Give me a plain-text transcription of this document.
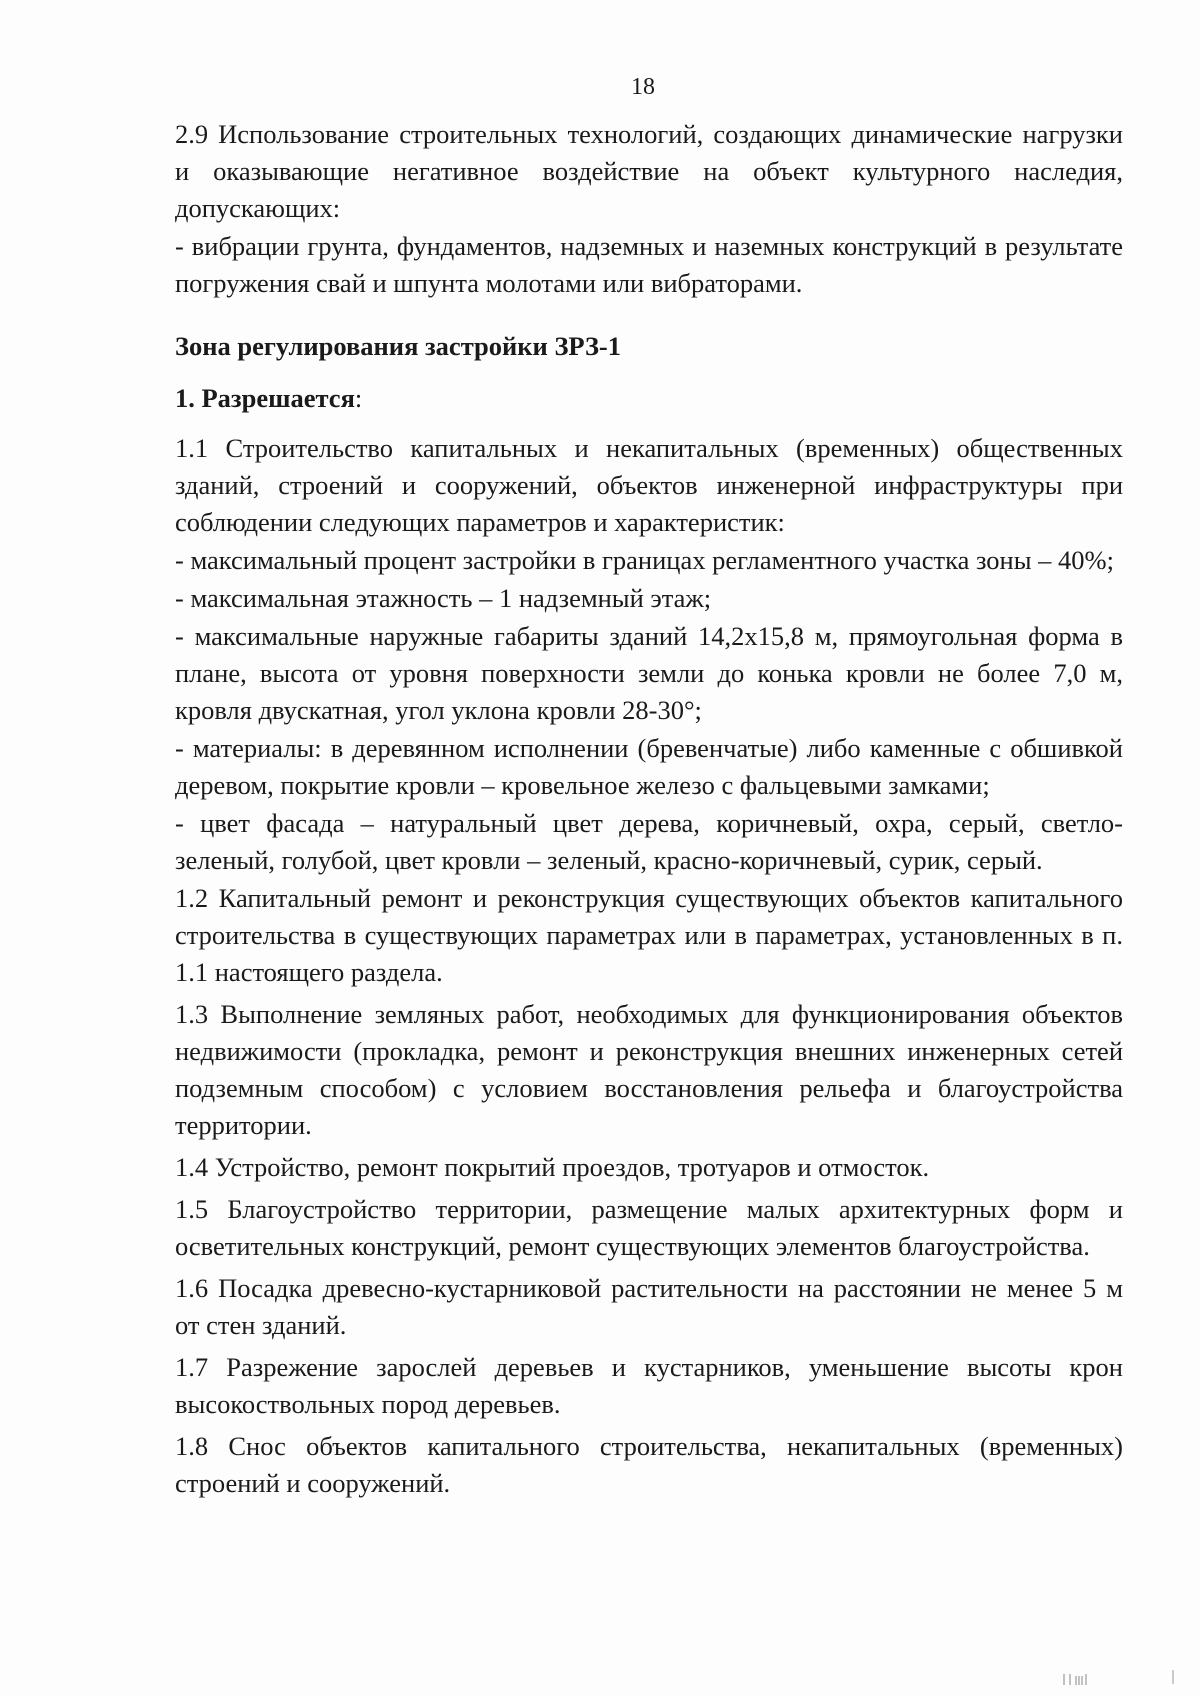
18

2.9 Использование строительных технологий, создающих динамические нагрузки и оказывающие негативное воздействие на объект культурного наследия, допускающих:

- вибрации грунта, фундаментов, надземных и наземных конструкций в результате погружения свай и шпунта молотами или вибраторами.

Зона регулирования застройки ЗРЗ-1
1. Разрешается:

1.1 Строительство капитальных и некапитальных (временных) общественных зданий, строений и сооружений, объектов инженерной инфраструктуры при соблюдении следующих параметров и характеристик:

- максимальный процент застройки в границах регламентного участка зоны – 40%;

- максимальная этажность – 1 надземный этаж;

- максимальные наружные габариты зданий 14,2х15,8 м, прямоугольная форма в плане, высота от уровня поверхности земли до конька кровли не более 7,0 м, кровля двускатная, угол уклона кровли 28-30°;

- материалы: в деревянном исполнении (бревенчатые) либо каменные с обшивкой деревом, покрытие кровли – кровельное железо с фальцевыми замками;

- цвет фасада – натуральный цвет дерева, коричневый, охра, серый, светло-зеленый, голубой, цвет кровли – зеленый, красно-коричневый, сурик, серый.

1.2 Капитальный ремонт и реконструкция существующих объектов капитального строительства в существующих параметрах или в параметрах, установленных в п. 1.1 настоящего раздела.

1.3 Выполнение земляных работ, необходимых для функционирования объектов недвижимости (прокладка, ремонт и реконструкция внешних инженерных сетей подземным способом) с условием восстановления рельефа и благоустройства территории.

1.4 Устройство, ремонт покрытий проездов, тротуаров и отмосток.

1.5 Благоустройство территории, размещение малых архитектурных форм и осветительных конструкций, ремонт существующих элементов благоустройства.

1.6 Посадка древесно-кустарниковой растительности на расстоянии не менее 5 м от стен зданий.

1.7 Разрежение зарослей деревьев и кустарников, уменьшение высоты крон высокоствольных пород деревьев.

1.8 Снос объектов капитального строительства, некапитальных (временных) строений и сооружений.
